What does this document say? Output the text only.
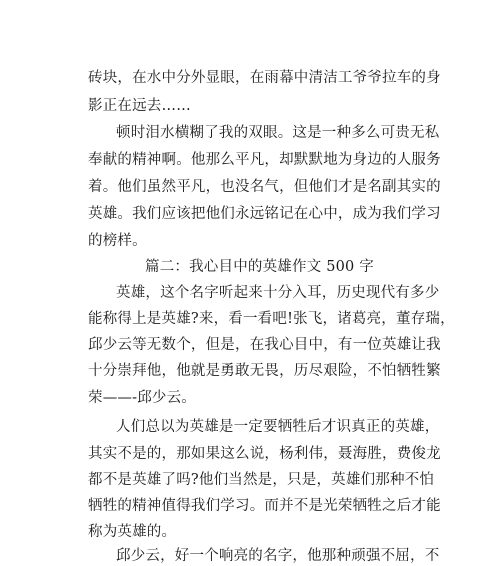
砖块，在水中分外显眼，在雨幕中清洁工爷爷拉车的身
影正在远去……
顿时泪水横糊了我的双眼。这是一种多么可贵无私
奉献的精神啊。他那么平凡，却默默地为身边的人服务
着。他们虽然平凡，也没名气，但他们才是名副其实的
英雄。我们应该把他们永远铭记在心中，成为我们学习
的榜样。
篇二：我心目中的英雄作文 500 字
英雄，这个名字听起来十分入耳，历史现代有多少
能称得上是英雄?来，看一看吧!张飞，诸葛亮，董存瑞，
邱少云等无数个，但是，在我心目中，有一位英雄让我
十分崇拜他，他就是勇敢无畏，历尽艰险，不怕牺牲繁
荣——-邱少云。
人们总以为英雄是一定要牺牲后才识真正的英雄，
其实不是的，那如果这么说，杨利伟，聂海胜，费俊龙
都不是英雄了吗?他们当然是，只是，英雄们那种不怕
牺牲的精神值得我们学习。而并不是光荣牺牲之后才能
称为英雄的。
邱少云，好一个响亮的名字，他那种顽强不屈，不
